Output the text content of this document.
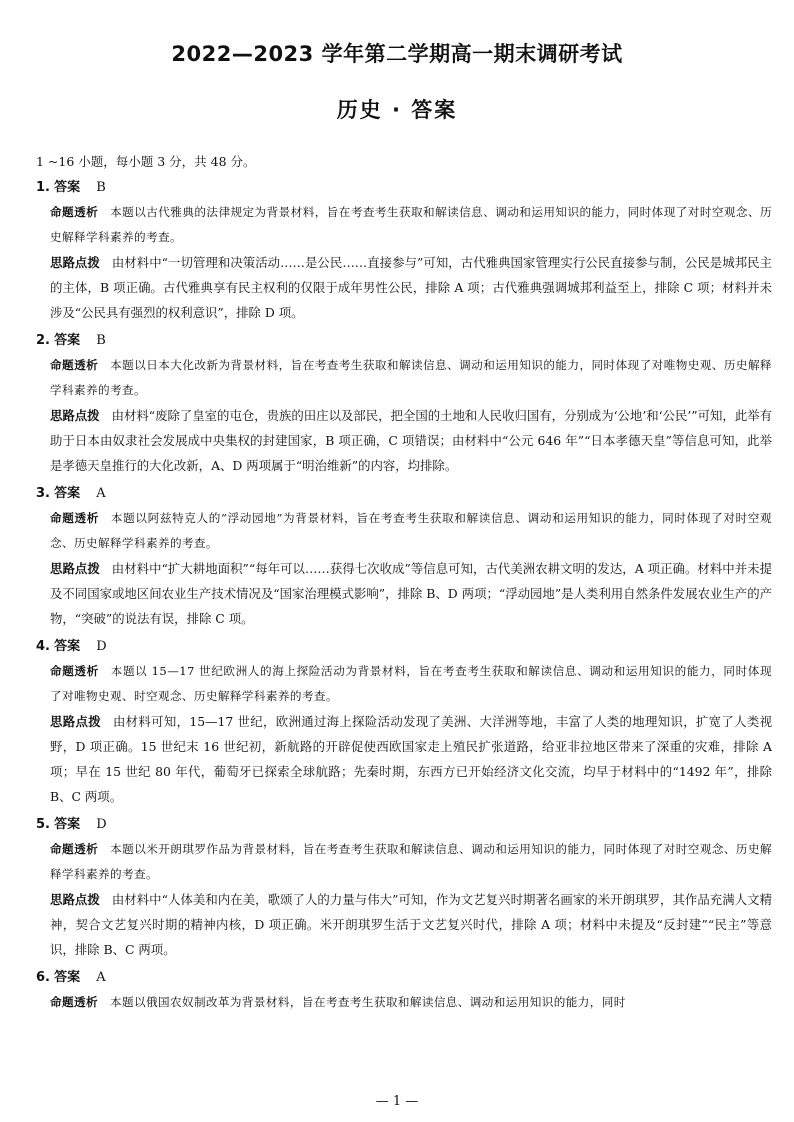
2022—2023 学年第二学期高一期末调研考试
历史 · 答案
1 ~16 小题，每小题 3 分，共 48 分。
1. 答案 B
命题透析 本题以古代雅典的法律规定为背景材料，旨在考查考生获取和解读信息、调动和运用知识的能力，同时体现了对时空观念、历史解释学科素养的考查。
思路点拨 由材料中“一切管理和决策活动……是公民……直接参与”可知，古代雅典国家管理实行公民直接参与制，公民是城邦民主的主体，B 项正确。古代雅典享有民主权利的仅限于成年男性公民，排除 A 项；古代雅典强调城邦利益至上，排除 C 项；材料并未涉及“公民具有强烈的权利意识”，排除 D 项。
2. 答案 B
命题透析 本题以日本大化改新为背景材料，旨在考查考生获取和解读信息、调动和运用知识的能力，同时体现了对唯物史观、历史解释学科素养的考查。
思路点拨 由材料“废除了皇室的屯仓，贵族的田庄以及部民，把全国的土地和人民收归国有，分别成为‘公地’和‘公民’”可知，此举有助于日本由奴隶社会发展成中央集权的封建国家，B 项正确，C 项错误；由材料中“公元 646 年”“日本孝德天皇”等信息可知，此举是孝德天皇推行的大化改新，A、D 两项属于“明治维新”的内容，均排除。
3. 答案 A
命题透析 本题以阿兹特克人的“浮动园地”为背景材料，旨在考查考生获取和解读信息、调动和运用知识的能力，同时体现了对时空观念、历史解释学科素养的考查。
思路点拨 由材料中“扩大耕地面积”“每年可以……获得七次收成”等信息可知，古代美洲农耕文明的发达，A 项正确。材料中并未提及不同国家或地区间农业生产技术情况及“国家治理模式影响”，排除 B、D 两项；“浮动园地”是人类利用自然条件发展农业生产的产物，“突破”的说法有误，排除 C 项。
4. 答案 D
命题透析 本题以 15—17 世纪欧洲人的海上探险活动为背景材料，旨在考查考生获取和解读信息、调动和运用知识的能力，同时体现了对唯物史观、时空观念、历史解释学科素养的考查。
思路点拨 由材料可知，15—17 世纪，欧洲通过海上探险活动发现了美洲、大洋洲等地，丰富了人类的地理知识，扩宽了人类视野，D 项正确。15 世纪末 16 世纪初，新航路的开辟促使西欧国家走上殖民扩张道路，给亚非拉地区带来了深重的灾难，排除 A 项；早在 15 世纪 80 年代，葡萄牙已探索全球航路；先秦时期，东西方已开始经济文化交流，均早于材料中的“1492 年”，排除 B、C 两项。
5. 答案 D
命题透析 本题以米开朗琪罗作品为背景材料，旨在考查考生获取和解读信息、调动和运用知识的能力，同时体现了对时空观念、历史解释学科素养的考查。
思路点拨 由材料中“人体美和内在美，歌颂了人的力量与伟大”可知，作为文艺复兴时期著名画家的米开朗琪罗，其作品充满人文精神，契合文艺复兴时期的精神内核，D 项正确。米开朗琪罗生活于文艺复兴时代，排除 A 项；材料中未提及“反封建”“民主”等意识，排除 B、C 两项。
6. 答案 A
命题透析 本题以俄国农奴制改革为背景材料，旨在考查考生获取和解读信息、调动和运用知识的能力，同时
— 1 —
